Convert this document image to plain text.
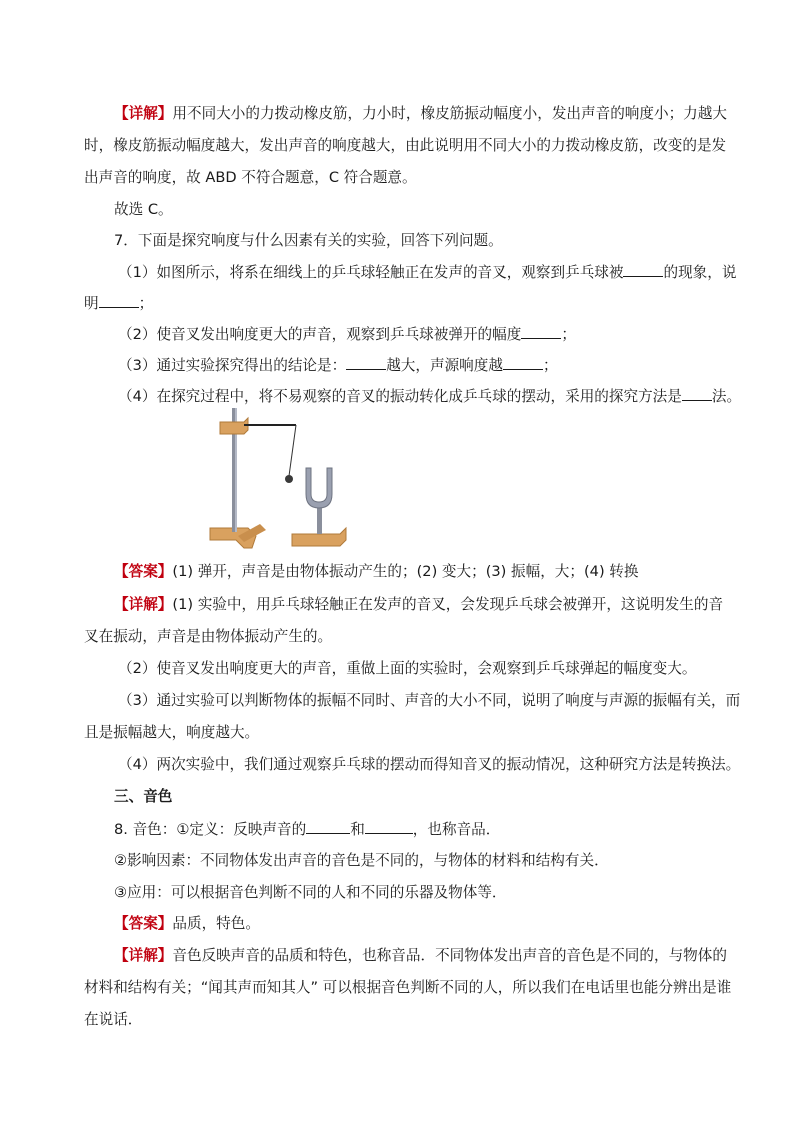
【详解】用不同大小的力拨动橡皮筋，力小时，橡皮筋振动幅度小，发出声音的响度小；力越大
时，橡皮筋振动幅度越大，发出声音的响度越大，由此说明用不同大小的力拨动橡皮筋，改变的是发
出声音的响度，故 ABD 不符合题意，C 符合题意。
故选 C。
7．下面是探究响度与什么因素有关的实验，回答下列问题。
（1）如图所示，将系在细线上的乒乓球轻触正在发声的音叉，观察到乒乓球被	的现象，说
明	；
（2）使音叉发出响度更大的声音，观察到乒乓球被弹开的幅度	；
（3）通过实验探究得出的结论是：	越大，声源响度越	；
（4）在探究过程中，将不易观察的音叉的振动转化成乒乓球的摆动，采用的探究方法是 法。
【答案】(1) 弹开，声音是由物体振动产生的；(2) 变大；(3) 振幅，大；(4) 转换
【详解】(1) 实验中，用乒乓球轻触正在发声的音叉，会发现乒乓球会被弹开，这说明发生的音
叉在振动，声音是由物体振动产生的。
（2）使音叉发出响度更大的声音，重做上面的实验时，会观察到乒乓球弹起的幅度变大。
（3）通过实验可以判断物体的振幅不同时、声音的大小不同，说明了响度与声源的振幅有关，而
且是振幅越大，响度越大。
（4）两次实验中，我们通过观察乒乓球的摆动而得知音叉的振动情况，这种研究方法是转换法。
三、音色
8. 音色：①定义：反映声音的	和	，也称音品．
②影响因素：不同物体发出声音的音色是不同的，与物体的材料和结构有关．
③应用：可以根据音色判断不同的人和不同的乐器及物体等．
【答案】品质，特色。
【详解】音色反映声音的品质和特色，也称音品．不同物体发出声音的音色是不同的，与物体的
材料和结构有关；“闻其声而知其人” 可以根据音色判断不同的人，所以我们在电话里也能分辨出是谁
在说话．
